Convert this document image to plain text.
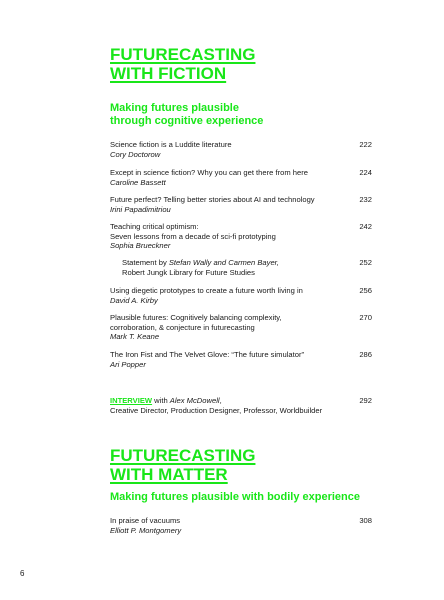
FUTURECASTING
WITH FICTION

Making futures plausible
through cognitive experience

Science fiction is a Luddite literature
Cory Doctorow
222
Except in science fiction? Why you can get there from here
Caroline Bassett
224
Future perfect? Telling better stories about AI and technology
Irini Papadimitriou
232
Teaching critical optimism:
Seven lessons from a decade of sci-fi prototyping
Sophia Brueckner
242
Statement by Stefan Wally and Carmen Bayer,
Robert Jungk Library for Future Studies
252
Using diegetic prototypes to create a future worth living in
David A. Kirby
256
Plausible futures: Cognitively balancing complexity,
corroboration, & conjecture in futurecasting
Mark T. Keane
270
The Iron Fist and The Velvet Glove: “The future simulator”
Ari Popper
286
INTERVIEW with Alex McDowell,
Creative Director, Production Designer, Professor, Worldbuilder
292
FUTURECASTING
WITH MATTER

Making futures plausible with bodily experience

In praise of vacuums
Elliott P. Montgomery
308
6
